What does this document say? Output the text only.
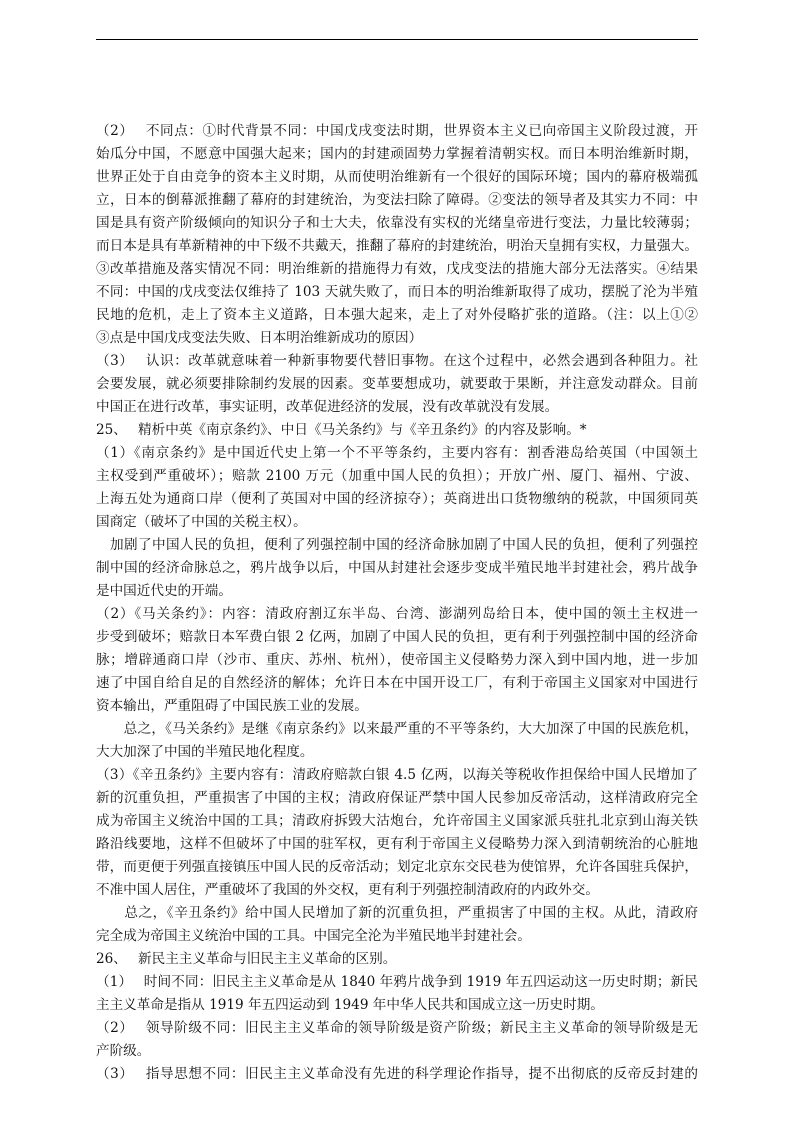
（2）　 不同点：①时代背景不同：中国戊戌变法时期，世界资本主义已向帝国主义阶段过渡，开
始瓜分中国，不愿意中国强大起来；国内的封建顽固势力掌握着清朝实权。而日本明治维新时期，
世界正处于自由竞争的资本主义时期，从而使明治维新有一个很好的国际环境；国内的幕府极端孤
立，日本的倒幕派推翻了幕府的封建统治，为变法扫除了障碍。②变法的领导者及其实力不同：中
国是具有资产阶级倾向的知识分子和士大夫，依靠没有实权的光绪皇帝进行变法，力量比较薄弱；
而日本是具有革新精神的中下级不共戴天，推翻了幕府的封建统治，明治天皇拥有实权，力量强大。
③改革措施及落实情况不同：明治维新的措施得力有效，戊戌变法的措施大部分无法落实。④结果
不同：中国的戊戌变法仅维持了 103 天就失败了，而日本的明治维新取得了成功，摆脱了沦为半殖
民地的危机，走上了资本主义道路，日本强大起来，走上了对外侵略扩张的道路。（注：以上①②
③点是中国戊戌变法失败、日本明治维新成功的原因）
（3）　 认识：改革就意味着一种新事物要代替旧事物。在这个过程中，必然会遇到各种阻力。社
会要发展，就必须要排除制约发展的因素。变革要想成功，就要敢于果断，并注意发动群众。目前
中国正在进行改革，事实证明，改革促进经济的发展，没有改革就没有发展。
25、　 精析中英《南京条约》、中日《马关条约》与《辛丑条约》的内容及影响。*
（1）《南京条约》是中国近代史上第一个不平等条约，主要内容有：割香港岛给英国（中国领土
主权受到严重破坏）；赔款 2100 万元（加重中国人民的负担）；开放广州、厦门、福州、宁波、
上海五处为通商口岸（便利了英国对中国的经济掠夺）；英商进出口货物缴纳的税款，中国须同英
国商定（破坏了中国的关税主权）。
　加剧了中国人民的负担，便利了列强控制中国的经济命脉加剧了中国人民的负担，便利了列强控
制中国的经济命脉总之，鸦片战争以后，中国从封建社会逐步变成半殖民地半封建社会，鸦片战争
是中国近代史的开端。
（2）《马关条约》：内容：清政府割辽东半岛、台湾、澎湖列岛给日本，使中国的领土主权进一
步受到破坏；赔款日本军费白银 2 亿两，加剧了中国人民的负担，更有利于列强控制中国的经济命
脉；增辟通商口岸（沙市、重庆、苏州、杭州），使帝国主义侵略势力深入到中国内地，进一步加
速了中国自给自足的自然经济的解体；允许日本在中国开设工厂，有利于帝国主义国家对中国进行
资本输出，严重阻碍了中国民族工业的发展。
　　总之，《马关条约》是继《南京条约》以来最严重的不平等条约，大大加深了中国的民族危机，
大大加深了中国的半殖民地化程度。
（3）《辛丑条约》主要内容有：清政府赔款白银 4.5 亿两，以海关等税收作担保给中国人民增加了
新的沉重负担，严重损害了中国的主权；清政府保证严禁中国人民参加反帝活动，这样清政府完全
成为帝国主义统治中国的工具；清政府拆毁大沽炮台，允许帝国主义国家派兵驻扎北京到山海关铁
路沿线要地，这样不但破坏了中国的驻军权，更有利于帝国主义侵略势力深入到清朝统治的心脏地
带，而更便于列强直接镇压中国人民的反帝活动；划定北京东交民巷为使馆界，允许各国驻兵保护，
不准中国人居住，严重破坏了我国的外交权，更有利于列强控制清政府的内政外交。
　　总之，《辛丑条约》给中国人民增加了新的沉重负担，严重损害了中国的主权。从此，清政府
完全成为帝国主义统治中国的工具。中国完全沦为半殖民地半封建社会。
26、　 新民主主义革命与旧民主主义革命的区别。
（1）　 时间不同：旧民主主义革命是从 1840 年鸦片战争到 1919 年五四运动这一历史时期；新民
主主义革命是指从 1919 年五四运动到 1949 年中华人民共和国成立这一历史时期。
（2）　 领导阶级不同：旧民主主义革命的领导阶级是资产阶级；新民主主义革命的领导阶级是无
产阶级。
（3）　 指导思想不同：旧民主主义革命没有先进的科学理论作指导，提不出彻底的反帝反封建的
